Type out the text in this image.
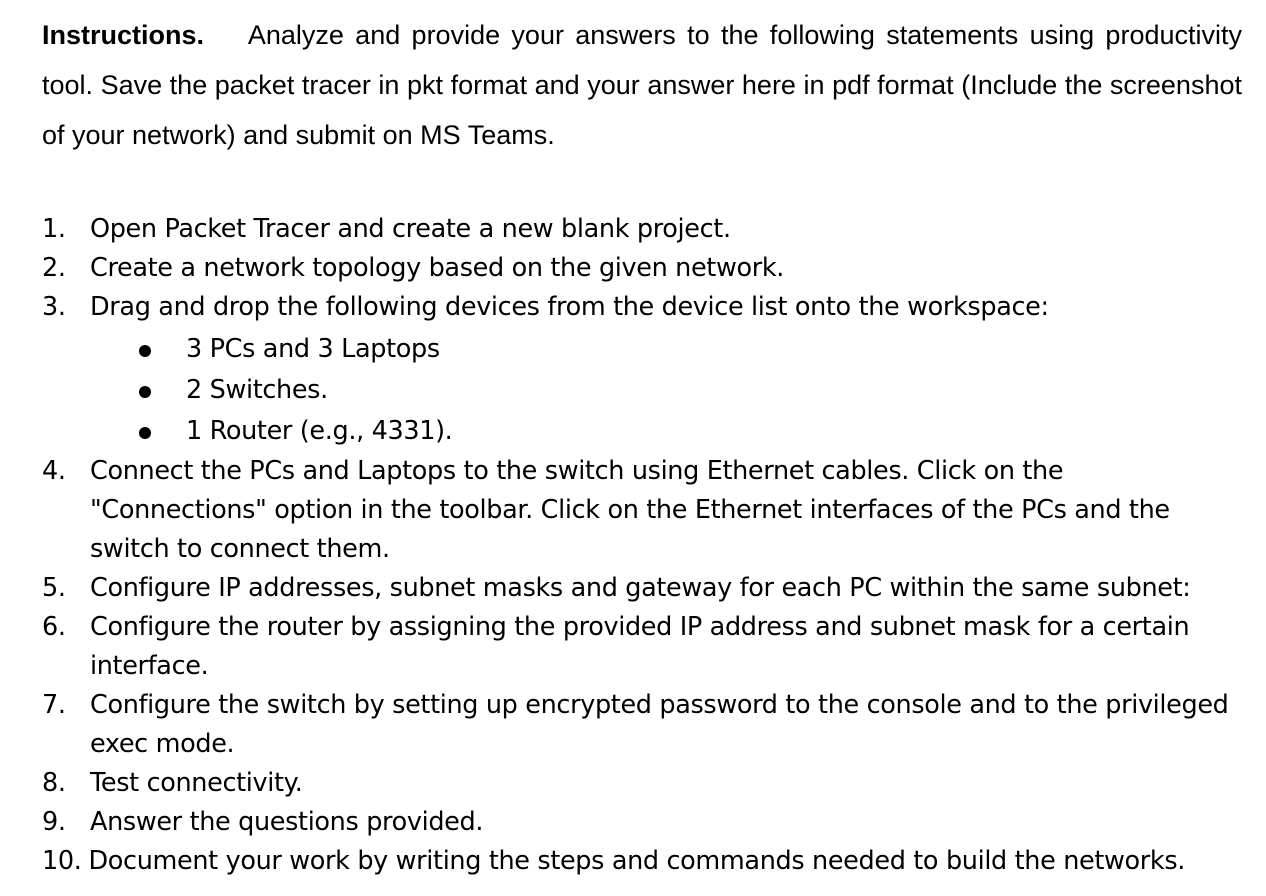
Instructions. Analyze and provide your answers to the following statements using productivity tool. Save the packet tracer in pkt format and your answer here in pdf format (Include the screenshot of your network) and submit on MS Teams.

1. Open Packet Tracer and create a new blank project.
2. Create a network topology based on the given network.
3. Drag and drop the following devices from the device list onto the workspace:
3 PCs and 3 Laptops
2 Switches.
1 Router (e.g., 4331).
4. Connect the PCs and Laptops to the switch using Ethernet cables. Click on the "Connections" option in the toolbar. Click on the Ethernet interfaces of the PCs and the switch to connect them.
5. Configure IP addresses, subnet masks and gateway for each PC within the same subnet:
6. Configure the router by assigning the provided IP address and subnet mask for a certain interface.
7. Configure the switch by setting up encrypted password to the console and to the privileged exec mode.
8. Test connectivity.
9. Answer the questions provided.
10. Document your work by writing the steps and commands needed to build the networks.
